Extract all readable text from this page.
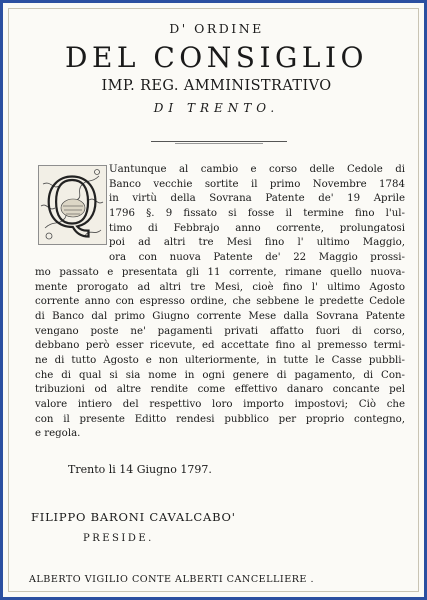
D' ORDINE
DEL CONSIGLIO
IMP. REG. AMMINISTRATIVO
DI TRENTO.
Q Uantunque al cambio e corso delle Cedole di
Banco vecchie sortite il primo Novembre 1784
in virtù della Sovrana Patente de' 19 Aprile
1796 §. 9 fissato si fosse il termine fino l'ul-
timo di Febbrajo anno corrente, prolungatosi
poi ad altri tre Mesi fino l' ultimo Maggio,
ora con nuova Patente de' 22 Maggio prossi-
mo passato e presentata gli 11 corrente, rimane quello nuova-
mente prorogato ad altri tre Mesi, cioè fino l' ultimo Agosto
corrente anno con espresso ordine, che sebbene le predette Cedole
di Banco dal primo Giugno corrente Mese dalla Sovrana Patente
vengano poste ne' pagamenti privati affatto fuori di corso,
debbano però esser ricevute, ed accettate fino al premesso termi-
ne di tutto Agosto e non ulteriormente, in tutte le Casse pubbli-
che di qual si sia nome in ogni genere di pagamento, di Con-
tribuzioni od altre rendite come effettivo danaro concante pel
valore intiero del respettivo loro importo impostovi; Ciò che
con il presente Editto rendesi pubblico per proprio contegno,
e regola.
Trento li 14 Giugno 1797.
FILIPPO BARONI CAVALCABO'
PRESIDE.
ALBERTO VIGILIO CONTE ALBERTI CANCELLIERE .
